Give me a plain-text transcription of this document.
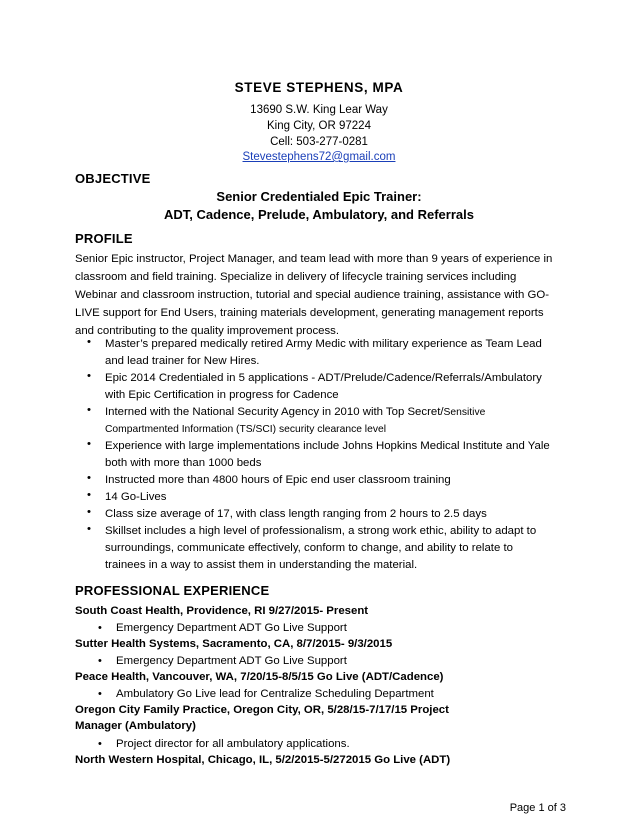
STEVE STEPHENS, MPA
13690 S.W. King Lear Way
King City, OR 97224
Cell: 503-277-0281
Stevestephens72@gmail.com
OBJECTIVE
Senior Credentialed Epic Trainer:
ADT, Cadence, Prelude, Ambulatory, and Referrals
PROFILE
Senior Epic instructor, Project Manager, and team lead with more than 9 years of experience in
classroom and field training. Specialize in delivery of lifecycle training services including
Webinar and classroom instruction, tutorial and special audience training, assistance with GO-
LIVE support for End Users, training materials development, generating management reports
and contributing to the quality improvement process.
• Master’s prepared medically retired Army Medic with military experience as Team Lead
and lead trainer for New Hires.
• Epic 2014 Credentialed in 5 applications - ADT/Prelude/Cadence/Referrals/Ambulatory
with Epic Certification in progress for Cadence
• Interned with the National Security Agency in 2010 with Top Secret/Sensitive
Compartmented Information (TS/SCI) security clearance level
• Experience with large implementations include Johns Hopkins Medical Institute and Yale
both with more than 1000 beds
• Instructed more than 4800 hours of Epic end user classroom training
• 14 Go-Lives
• Class size average of 17, with class length ranging from 2 hours to 2.5 days
• Skillset includes a high level of professionalism, a strong work ethic, ability to adapt to
surroundings, communicate effectively, conform to change, and ability to relate to
trainees in a way to assist them in understanding the material.
PROFESSIONAL EXPERIENCE
South Coast Health, Providence, RI 9/27/2015- Present
• Emergency Department ADT Go Live Support
Sutter Health Systems, Sacramento, CA, 8/7/2015- 9/3/2015
• Emergency Department ADT Go Live Support
Peace Health, Vancouver, WA, 7/20/15-8/5/15 Go Live (ADT/Cadence)
• Ambulatory Go Live lead for Centralize Scheduling Department
Oregon City Family Practice, Oregon City, OR, 5/28/15-7/17/15 Project
Manager (Ambulatory)
• Project director for all ambulatory applications.
North Western Hospital, Chicago, IL, 5/2/2015-5/272015 Go Live (ADT)
Page 1 of 3
